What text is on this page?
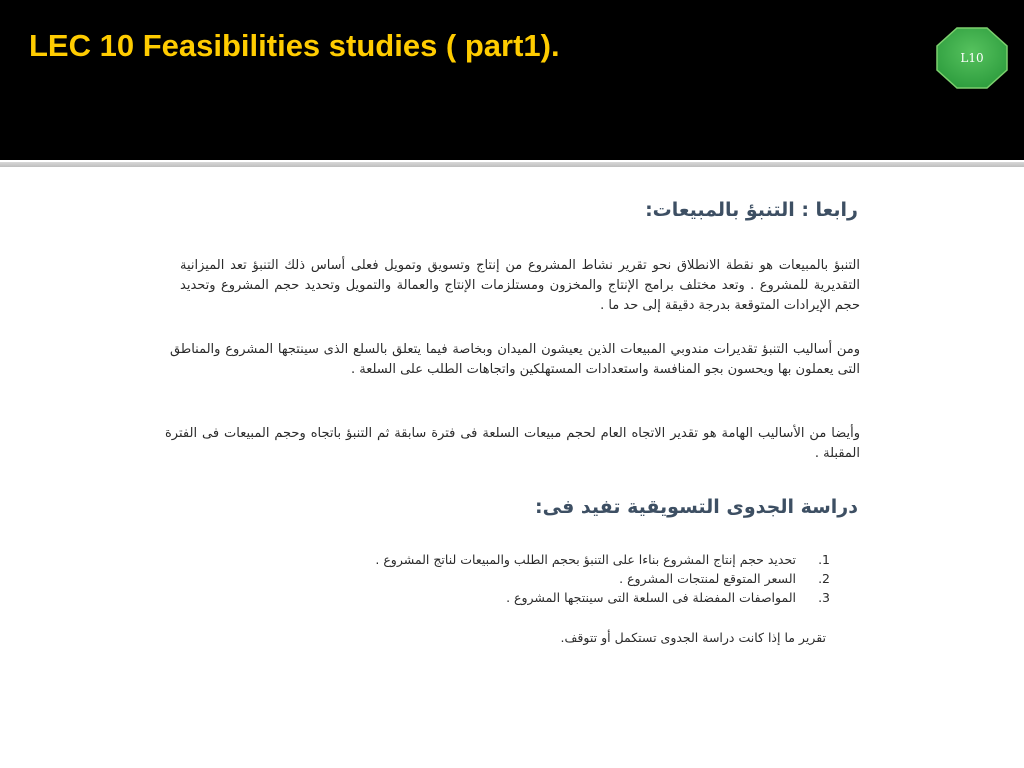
LEC 10 Feasibilities studies ( part1).	L10
رابعا : التنبؤ بالمبيعات:

التنبؤ بالمبيعات هو نقطة الانطلاق نحو تقرير نشاط المشروع من إنتاج وتسويق وتمويل فعلى أساس ذلك التنبؤ تعد الميزانية التقديرية للمشروع . وتعد مختلف برامج الإنتاج والمخزون ومستلزمات الإنتاج والعمالة والتمويل وتحديد حجم المشروع وتحديد حجم الإيرادات المتوقعة بدرجة دقيقة إلى حد ما .

ومن أساليب التنبؤ تقديرات مندوبي المبيعات الذين يعيشون الميدان وبخاصة فيما يتعلق بالسلع الذى سينتجها المشروع والمناطق التى يعملون بها ويحسون بجو المنافسة واستعدادات المستهلكين واتجاهات الطلب على السلعة .

وأيضا من الأساليب الهامة هو تقدير الاتجاه العام لحجم مبيعات السلعة فى فترة سابقة ثم التنبؤ باتجاه وحجم المبيعات فى الفترة المقبلة .

دراسة الجدوى التسويقية تفيد فى:
1.تحديد حجم إنتاج المشروع بناءا على التنبؤ بحجم الطلب والمبيعات لناتج المشروع .
2.السعر المتوقع لمنتجات المشروع .
3.المواصفات المفضلة فى السلعة التى سينتجها المشروع .

تقرير ما إذا كانت دراسة الجدوى تستكمل أو تتوقف.
